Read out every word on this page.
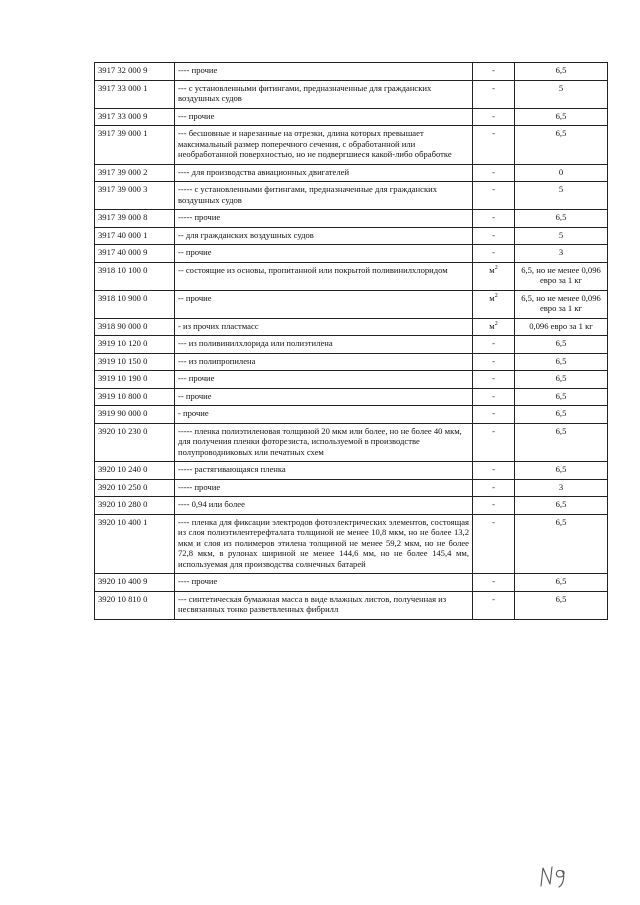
3917 32 000 9	---- прочие	-	6,5
3917 33 000 1	--- с установленными фитингами, предназначенные для гражданских воздушных судов	-	5
3917 33 000 9	--- прочие	-	6,5
3917 39 000 1	--- бесшовные и нарезанные на отрезки, длина которых превышает максимальный размер поперечного сечения, с обработанной или необработанной поверхностью, но не подвергшиеся какой-либо обработке	-	6,5
3917 39 000 2	---- для производства авиационных двигателей	-	0
3917 39 000 3	----- с установленными фитингами, предназначенные для гражданских воздушных судов	-	5
3917 39 000 8	----- прочие	-	6,5
3917 40 000 1	-- для гражданских воздушных судов	-	5
3917 40 000 9	-- прочие	-	3
3918 10 100 0	-- состоящие из основы, пропитанной или покрытой поливинилхлоридом	$м^2$	6,5, но не менее 0,096 евро за 1 кг
3918 10 900 0	-- прочие	$м^2$	6,5, но не менее 0,096 евро за 1 кг
3918 90 000 0	- из прочих пластмасс	$м^2$	0,096 евро за 1 кг
3919 10 120 0	--- из поливинилхлорида или полиэтилена	-	6,5
3919 10 150 0	--- из полипропилена	-	6,5
3919 10 190 0	--- прочие	-	6,5
3919 10 800 0	-- прочие	-	6,5
3919 90 000 0	- прочие	-	6,5
3920 10 230 0	----- пленка полиэтиленовая толщиной 20 мкм или более, но не более 40 мкм, для получения пленки фоторезиста, используемой в производстве полупроводниковых или печатных схем	-	6,5
3920 10 240 0	----- растягивающаяся пленка	-	6,5
3920 10 250 0	----- прочие	-	3
3920 10 280 0	---- 0,94 или более	-	6,5
3920 10 400 1	---- пленка для фиксации электродов фотоэлектрических элементов, состоящая из слоя полиэтилентерефталата толщиной не менее 10,8 мкм, но не более 13,2 мкм и слоя из полимеров этилена толщиной не менее 59,2 мкм, но не более 72,8 мкм, в рулонах шириной не менее 144,6 мм, но не более 145,4 мм, используемая для производства солнечных батарей	-	6,5
3920 10 400 9	---- прочие	-	6,5
3920 10 810 0	--- синтетическая бумажная масса в виде влажных листов, полученная из несвязанных тонко разветвленных фибрилл	-	6,5
